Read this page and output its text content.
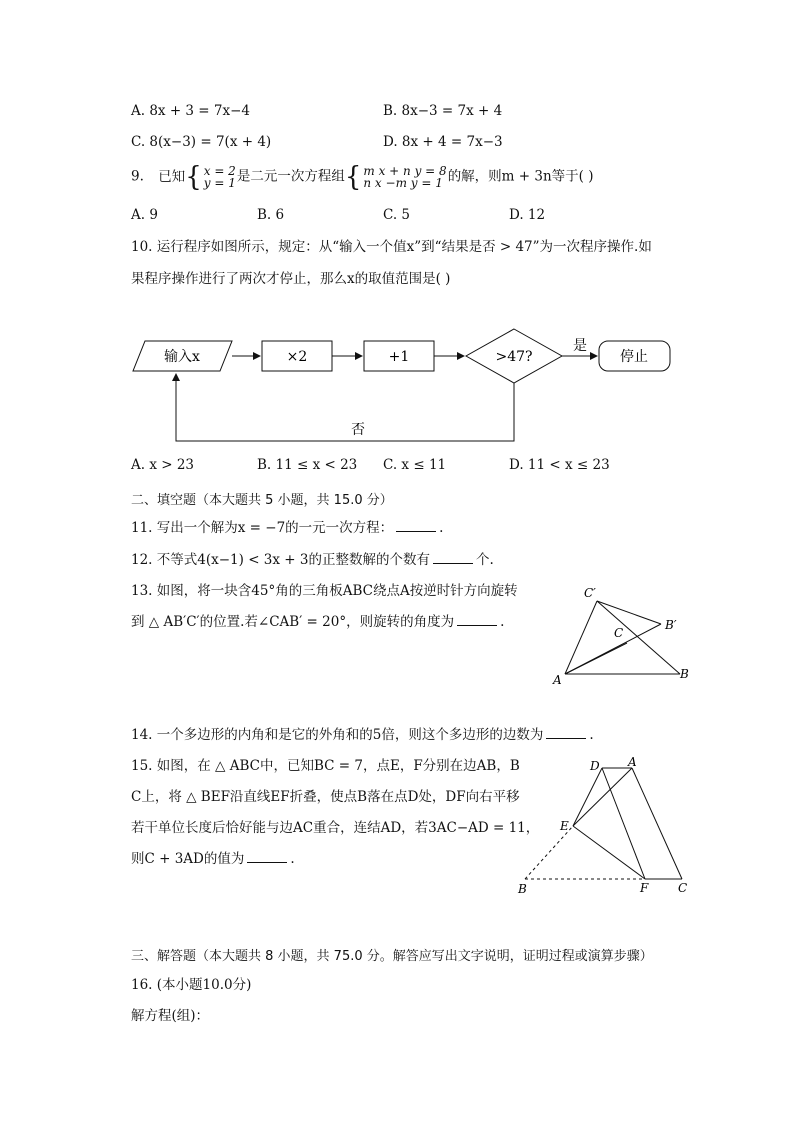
A. 8x + 3 = 7x−4	B. 8x−3 = 7x + 4
C. 8(x−3) = 7(x + 4)	D. 8x + 4 = 7x−3
9. 已知{ x = 2
y = 1是二元一次方程组{ m x + n y = 8
n x −m y = 1 的解，则m + 3n等于( )
A. 9	B. 6	C. 5	D. 12
10. 运行程序如图所示，规定：从“输入一个值x”到“结果是否 > 47”为一次程序操作.如
果程序操作进行了两次才停止，那么x的取值范围是( )
输入x	×2	+1	>47?
是
停止
否
A. x > 23	B. 11 ≤ x < 23 C. x ≤ 11	D. 11 < x ≤ 23
二、填空题（本大题共 5 小题，共 15.0 分）
11. 写出一个解为x = −7的一元一次方程：	.
12. 不等式4(x−1) < 3x + 3的正整数解的个数有	个.
13. 如图，将一块含45°角的三角板ABC绕点A按逆时针方向旋转
到 △ AB′C′的位置.若∠CAB′ = 20°，则旋转的角度为	.
C′
B′
C
A	B
14. 一个多边形的内角和是它的外角和的5倍，则这个多边形的边数为	.
15. 如图，在 △ ABC中，已知BC = 7，点E，F分别在边AB，B
C上，将 △ BEF沿直线EF折叠，使点B落在点D处，DF向右平移
若干单位长度后恰好能与边AC重合，连结AD，若3AC−AD = 11，
则C + 3AD的值为	.
D A
E
B	F C
三、解答题（本大题共 8 小题，共 75.0 分。解答应写出文字说明，证明过程或演算步骤）
16. (本小题10.0分)
解方程(组)：
